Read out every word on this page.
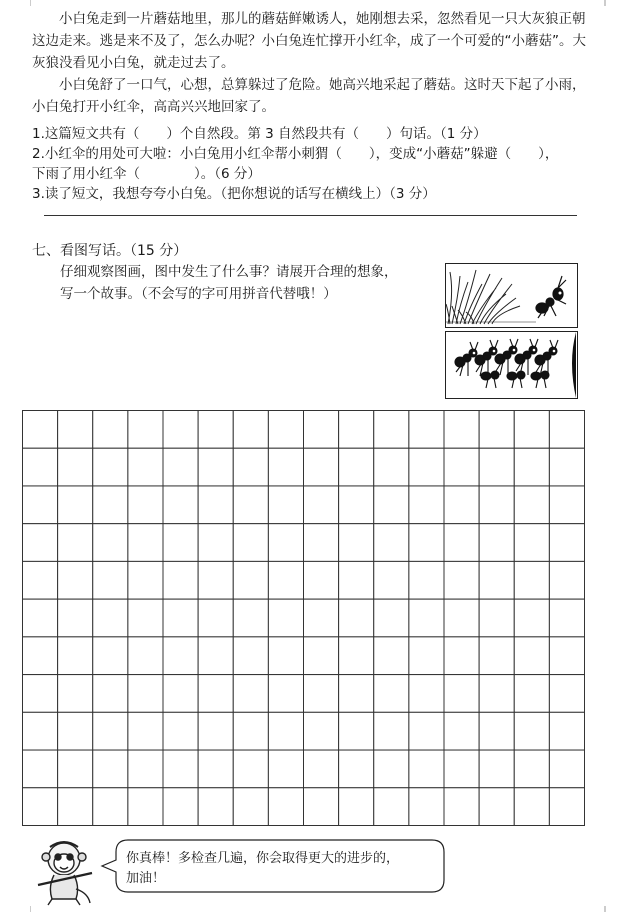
小白兔走到一片蘑菇地里，那儿的蘑菇鲜嫩诱人，她刚想去采，忽然看见一只大灰狼正朝这边走来。逃是来不及了，怎么办呢？小白兔连忙撑开小红伞，成了一个可爱的“小蘑菇”。大灰狼没看见小白兔，就走过去了。

小白兔舒了一口气，心想，总算躲过了危险。她高兴地采起了蘑菇。这时天下起了小雨，小白兔打开小红伞，高高兴兴地回家了。

1.这篇短文共有（　　）个自然段。第 3 自然段共有（　　）句话。（1 分）

2.小红伞的用处可大啦：小白兔用小红伞帮小刺猬（　　），变成“小蘑菇”躲避（　　），

下雨了用小红伞（　　　　）。（6 分）

3.读了短文，我想夸夸小白兔。（把你想说的话写在横线上）（3 分）

七、看图写话。（15 分）

仔细观察图画，图中发生了什么事？请展开合理的想象，

写一个故事。（不会写的字可用拼音代替哦！）

你真棒！多检查几遍，你会取得更大的进步的，

加油！
